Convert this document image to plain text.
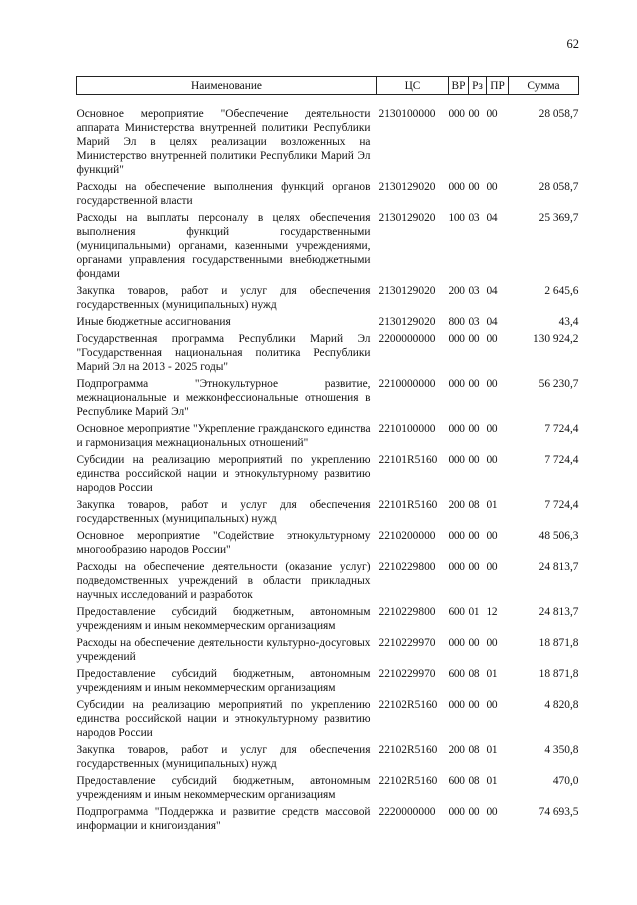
62
Наименование	ЦС	ВР	Рз	ПР	Сумма
Основное мероприятие "Обеспечение деятельности аппарата Министерства внутренней политики Республики Марий Эл в целях реализации возложенных на Министерство внутренней политики Республики Марий Эл функций"	2130100000	000	00	00	28 058,7
Расходы на обеспечение выполнения функций органов государственной власти	2130129020	000	00	00	28 058,7
Расходы на выплаты персоналу в целях обеспечения выполнения функций государственными (муниципальными) органами, казенными учреждениями, органами управления государственными внебюджетными фондами	2130129020	100	03	04	25 369,7
Закупка товаров, работ и услуг для обеспечения государственных (муниципальных) нужд	2130129020	200	03	04	2 645,6
Иные бюджетные ассигнования	2130129020	800	03	04	43,4
Государственная программа Республики Марий Эл "Государственная национальная политика Республики Марий Эл на 2013 - 2025 годы"	2200000000	000	00	00	130 924,2
Подпрограмма "Этнокультурное развитие, межнациональные и межконфессиональные отношения в Республике Марий Эл"	2210000000	000	00	00	56 230,7
Основное мероприятие "Укрепление гражданского единства и гармонизация межнациональных отношений"	2210100000	000	00	00	7 724,4
Субсидии на реализацию мероприятий по укреплению единства российской нации и этнокультурному развитию народов России	22101R5160	000	00	00	7 724,4
Закупка товаров, работ и услуг для обеспечения государственных (муниципальных) нужд	22101R5160	200	08	01	7 724,4
Основное мероприятие "Содействие этнокультурному многообразию народов России"	2210200000	000	00	00	48 506,3
Расходы на обеспечение деятельности (оказание услуг) подведомственных учреждений в области прикладных научных исследований и разработок	2210229800	000	00	00	24 813,7
Предоставление субсидий бюджетным, автономным учреждениям и иным некоммерческим организациям	2210229800	600	01	12	24 813,7
Расходы на обеспечение деятельности культурно-досуговых учреждений	2210229970	000	00	00	18 871,8
Предоставление субсидий бюджетным, автономным учреждениям и иным некоммерческим организациям	2210229970	600	08	01	18 871,8
Субсидии на реализацию мероприятий по укреплению единства российской нации и этнокультурному развитию народов России	22102R5160	000	00	00	4 820,8
Закупка товаров, работ и услуг для обеспечения государственных (муниципальных) нужд	22102R5160	200	08	01	4 350,8
Предоставление субсидий бюджетным, автономным учреждениям и иным некоммерческим организациям	22102R5160	600	08	01	470,0
Подпрограмма "Поддержка и развитие средств массовой информации и книгоиздания"	2220000000	000	00	00	74 693,5
